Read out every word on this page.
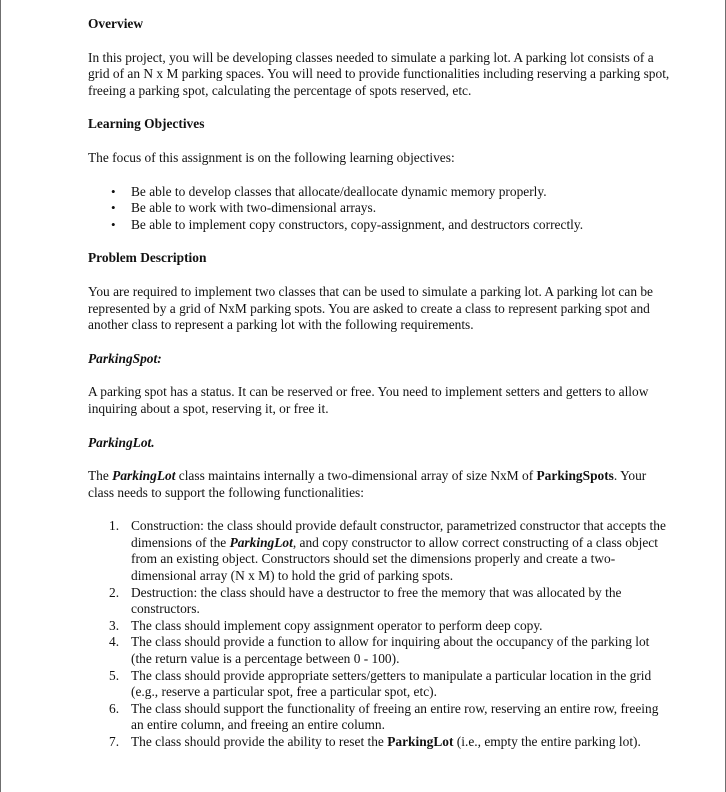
Overview

In this project, you will be developing classes needed to simulate a parking lot. A parking lot consists of a grid of an N x M parking spaces. You will need to provide functionalities including reserving a parking spot, freeing a parking spot, calculating the percentage of spots reserved, etc.

Learning Objectives

The focus of this assignment is on the following learning objectives:

• Be able to develop classes that allocate/deallocate dynamic memory properly.
• Be able to work with two-dimensional arrays.
• Be able to implement copy constructors, copy-assignment, and destructors correctly.
Problem Description

You are required to implement two classes that can be used to simulate a parking lot. A parking lot can be represented by a grid of NxM parking spots. You are asked to create a class to represent parking spot and another class to represent a parking lot with the following requirements.

ParkingSpot:

A parking spot has a status. It can be reserved or free. You need to implement setters and getters to allow inquiring about a spot, reserving it, or free it.

ParkingLot.

The ParkingLot class maintains internally a two-dimensional array of size NxM of ParkingSpots. Your class needs to support the following functionalities:

1. Construction: the class should provide default constructor, parametrized constructor that accepts the dimensions of the ParkingLot, and copy constructor to allow correct constructing of a class object from an existing object. Constructors should set the dimensions properly and create a two-dimensional array (N x M) to hold the grid of parking spots.
2. Destruction: the class should have a destructor to free the memory that was allocated by the constructors.
3. The class should implement copy assignment operator to perform deep copy.
4. The class should provide a function to allow for inquiring about the occupancy of the parking lot (the return value is a percentage between 0 - 100).
5. The class should provide appropriate setters/getters to manipulate a particular location in the grid (e.g., reserve a particular spot, free a particular spot, etc).
6. The class should support the functionality of freeing an entire row, reserving an entire row, freeing an entire column, and freeing an entire column.
7. The class should provide the ability to reset the ParkingLot (i.e., empty the entire parking lot).
